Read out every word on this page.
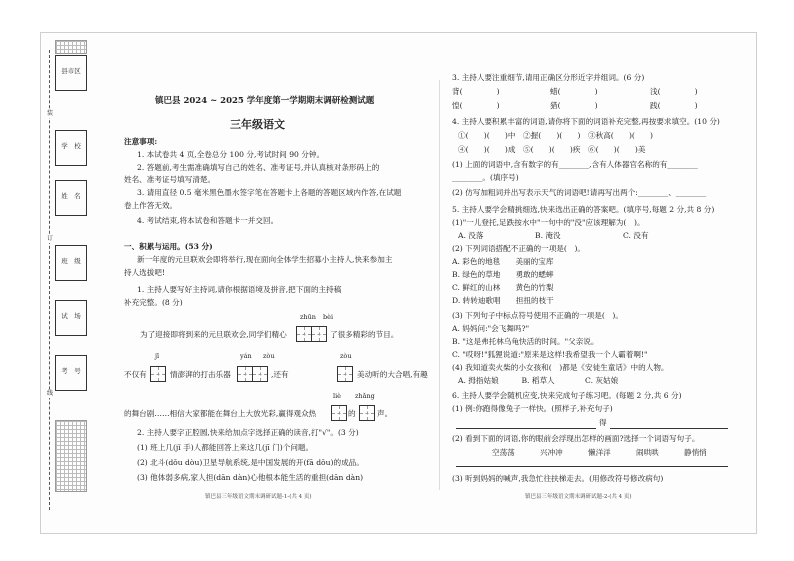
装
订
线
县市区
学　校
姓　名
班　级
试　场
考　号
镇巴县 2024 ~ 2025 学年度第一学期期末调研检测试题
三年级语文
注意事项:
1. 本试卷共 4 页,全卷总分 100 分,考试时间 90 分钟。
2. 答题前,考生需准确填写自己的姓名、准考证号,并认真核对条形码上的
姓名、准考证号填写清楚。
3. 请用直径 0.5 毫米黑色墨水签字笔在答题卡上各题的答题区域内作答,在试题
卷上作答无效。
4. 考试结束,将本试卷和答题卡一并交回。
一、积累与运用。(53 分)
新一年度的元旦联欢会即将举行,现在面向全体学生招募小主持人,快来参加主
持人选拔吧!
1. 主持人要写好主持词,请你根据语境及拼音,把下面的主持稿
补充完整。(8 分)
zhūn bèi
为了迎接即将到来的元旦联欢会,同学们精心	了很多精彩的节目。
jī	yán zòu	zòu
不仅有	情澎湃的打击乐器	,还有	美动听的大合唱,有趣
liè zhǎng
的舞台剧……相信大家都能在舞台上大放光彩,赢得观众热	的	声。
2. 主持人要字正腔圆,快来给加点字选择正确的读音,打"√"。(3 分)
(1) 班上几(jǐ 手)人都能回答上来这几(jī 门)个问题。
(2) 北斗(dǒu dòu)卫星导航系统,是中国发展的开(fā dǒu)的成品。
(3) 他体弱多病,家人担(dān dàn)心他根本能生活的重担(dān dàn)
镇巴县三年级语文期末调研试题-1-(共 4 页)
3. 主持人要注重细节,请用正确区分形近字并组词。(6 分)
背(	)	蜡(	)	浅(	)
惶(	)	猎(	)	践(	)
4. 主持人要积累丰富的词语,请你将下面的词语补充完整,再按要求填空。(10 分)
①(　　)(　　)中　②握(　　)(　　)　③秋高(　　)(　　)
④(　　)(　　)成　⑤(　　)(　　)疾　⑥(　　)(　　)美
(1) 上面的词语中,含有数字的有________,含有人体器官名称的有________
________。(填序号)
(2) 仿写加粗词并出写表示天气的词语吧!请再写出两个:________、________
5. 主持人要学会精挑细选,快来选出正确的答案吧。(填序号,每题 2 分,共 8 分)
(1)"一儿登托,足跌按水中"一句中的"没"应该理解为(　)。
A. 没落	B. 淹没	C. 没有
(2) 下列词语搭配不正确的一项是(　)。
A. 彩色的地毯　　美丽的宝库
B. 绿色的草地　　勇敢的蟋蟀
C. 鲜红的山林　　黄色的竹梨
D. 转转迪歌唱　　担扭的枝干
(3) 下列句子中标点符号使用不正确的一项是(　)。
A. 妈妈问:"会飞舞吗?"
B. "这是弗托林乌龟快活的时间。"父亲说。
C. "哎呀!"狐狸说道:"原来是这样!我希望我一个人霸着啊!"
(4) 我知道卖火柴的小女孩和(　)都是《安徒生童话》中的人物。
A. 拇指姑娘　　　B. 稻草人　　　　C. 灰姑娘
6. 主持人要学会随机应变,快来完成句子练习吧。(每题 2 分,共 6 分)
(1) 例:你跑得像兔子一样快。(照样子,补充句子)
得
(2) 看到下面的词语,你的眼前会浮现出怎样的画面?选择一个词语写句子。
空荡荡	兴冲冲	懒洋洋	闹哄哄	静悄悄
(3) 听到妈妈的喊声,我急忙往扶梯走去。(用修改符号修改病句)
镇巴县三年级语文期末调研试题-2-(共 4 页)
